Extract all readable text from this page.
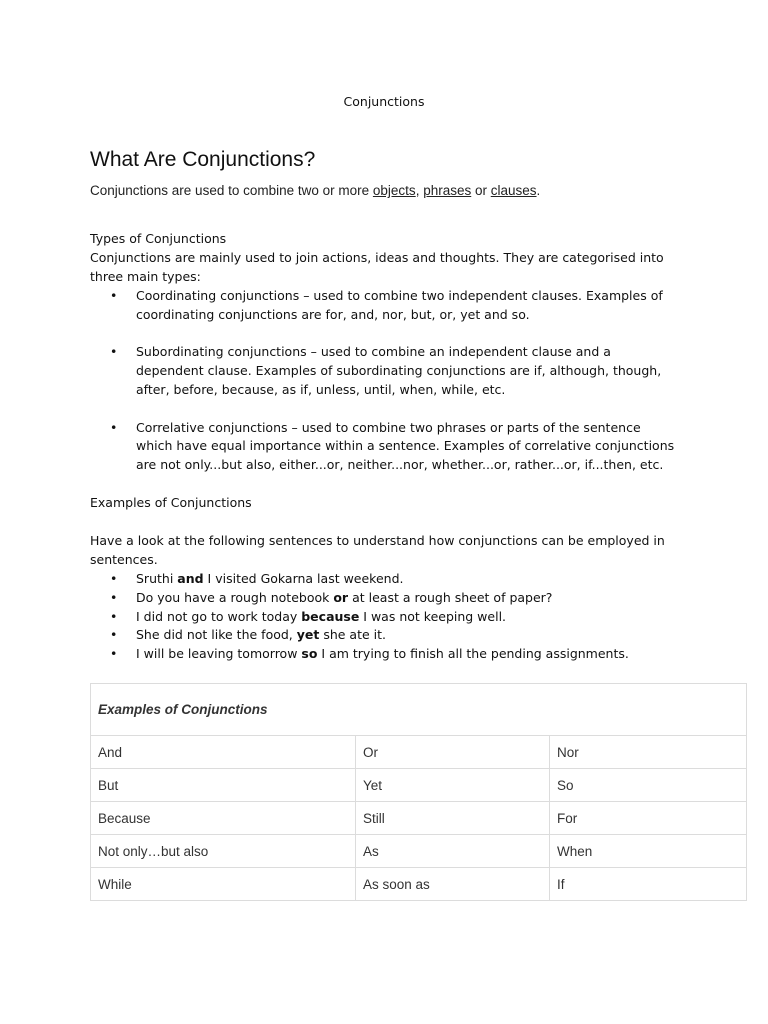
Conjunctions
What Are Conjunctions?
Conjunctions are used to combine two or more objects, phrases or clauses.
Types of Conjunctions
Conjunctions are mainly used to join actions, ideas and thoughts. They are categorised into
three main types:
• Coordinating conjunctions – used to combine two independent clauses. Examples of coordinating conjunctions are for, and, nor, but, or, yet and so.
• Subordinating conjunctions – used to combine an independent clause and a dependent clause. Examples of subordinating conjunctions are if, although, though, after, before, because, as if, unless, until, when, while, etc.
• Correlative conjunctions – used to combine two phrases or parts of the sentence which have equal importance within a sentence. Examples of correlative conjunctions are not only...but also, either...or, neither...nor, whether...or, rather...or, if...then, etc.
Examples of Conjunctions
Have a look at the following sentences to understand how conjunctions can be employed in
sentences.
• Sruthi and I visited Gokarna last weekend.
• Do you have a rough notebook or at least a rough sheet of paper?
• I did not go to work today because I was not keeping well.
• She did not like the food, yet she ate it.
• I will be leaving tomorrow so I am trying to finish all the pending assignments.
Examples of Conjunctions		
And	Or	Nor
But	Yet	So
Because	Still	For
Not only…but also	As	When
While	As soon as	If
